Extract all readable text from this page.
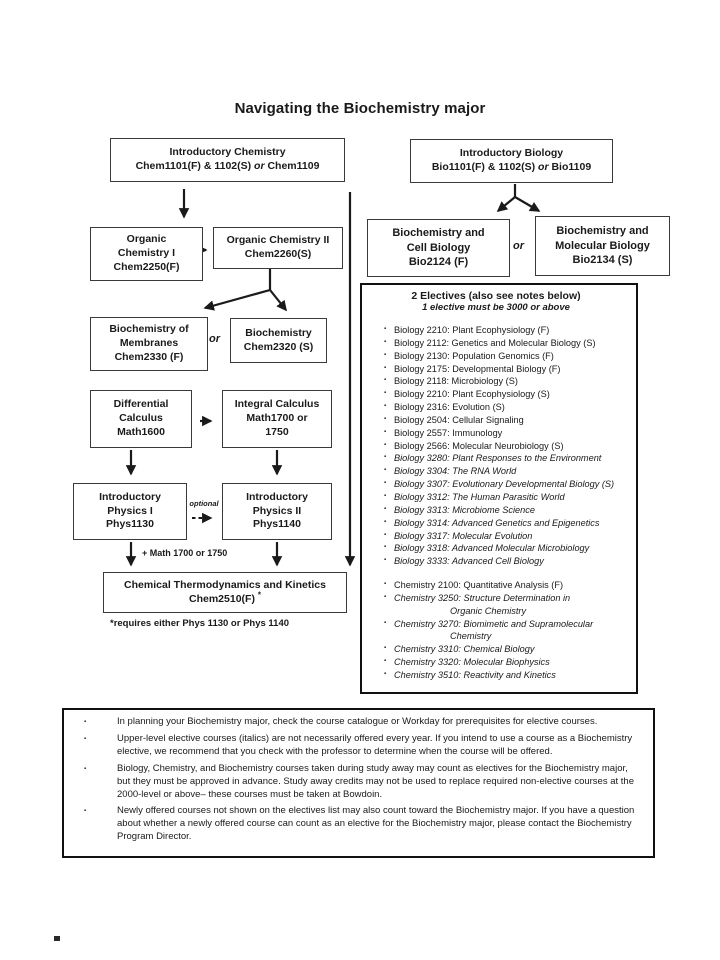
Navigating the Biochemistry major
Introductory Chemistry
Chem1101(F) & 1102(S) or Chem1109
Organic
Chemistry I
Chem2250(F)
Organic Chemistry II
Chem2260(S)
Biochemistry of
Membranes
Chem2330 (F)
or
Biochemistry
Chem2320 (S)
Differential
Calculus
Math1600
Integral Calculus
Math1700 or
1750
Introductory
Physics I
Phys1130
optional
Introductory
Physics II
Phys1140
+ Math 1700 or 1750
Chemical Thermodynamics and Kinetics
Chem2510(F) *
*requires either Phys 1130 or Phys 1140
Introductory Biology
Bio1101(F) & 1102(S) or Bio1109
Biochemistry and
Cell Biology
Bio2124 (F)
or
Biochemistry and
Molecular Biology
Bio2134 (S)
2 Electives (also see notes below)
1 elective must be 3000 or above
▪ Biology 2210: Plant Ecophysiology (F)
▪ Biology 2112: Genetics and Molecular Biology (S)
▪ Biology 2130: Population Genomics (F)
▪ Biology 2175: Developmental Biology (F)
▪ Biology 2118: Microbiology (S)
▪ Biology 2210: Plant Ecophysiology (S)
▪ Biology 2316: Evolution (S)
▪ Biology 2504: Cellular Signaling
▪ Biology 2557: Immunology
▪ Biology 2566: Molecular Neurobiology (S)
▪ Biology 3280: Plant Responses to the Environment
▪ Biology 3304: The RNA World
▪ Biology 3307: Evolutionary Developmental Biology (S)
▪ Biology 3312: The Human Parasitic World
▪ Biology 3313: Microbiome Science
▪ Biology 3314: Advanced Genetics and Epigenetics
▪ Biology 3317: Molecular Evolution
▪ Biology 3318: Advanced Molecular Microbiology
▪ Biology 3333: Advanced Cell Biology
▪ Chemistry 2100: Quantitative Analysis (F)
▪ Chemistry 3250: Structure Determination in
Organic Chemistry
▪ Chemistry 3270: Biomimetic and Supramolecular
Chemistry
▪ Chemistry 3310: Chemical Biology
▪ Chemistry 3320: Molecular Biophysics
▪ Chemistry 3510: Reactivity and Kinetics
▪ In planning your Biochemistry major, check the course catalogue or Workday for prerequisites for elective courses.
▪ Upper-level elective courses (italics) are not necessarily offered every year. If you intend to use a course as a Biochemistry elective, we recommend that you check with the professor to determine when the course will be offered.
▪ Biology, Chemistry, and Biochemistry courses taken during study away may count as electives for the Biochemistry major, but they must be approved in advance. Study away credits may not be used to replace required non-elective courses at the 2000-level or above– these courses must be taken at Bowdoin.
▪ Newly offered courses not shown on the electives list may also count toward the Biochemistry major. If you have a question about whether a newly offered course can count as an elective for the Biochemistry major, please contact the Biochemistry Program Director.
